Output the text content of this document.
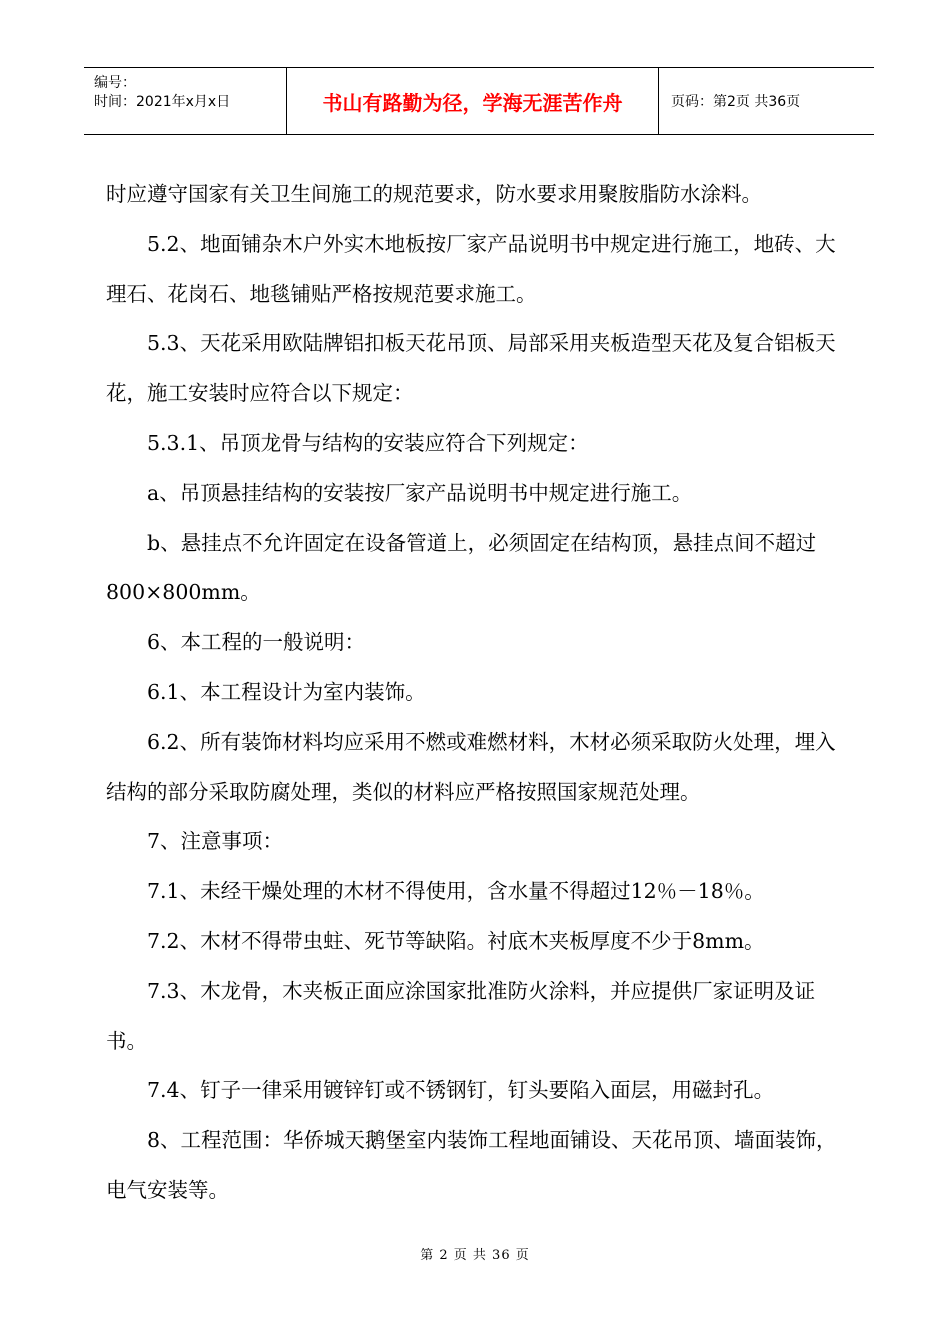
编号：
时间：2021年x月x日	书山有路勤为径，学海无涯苦作舟	页码：第2页 共36页

时应遵守国家有关卫生间施工的规范要求，防水要求用聚胺脂防水涂料。

5.2、地面铺杂木户外实木地板按厂家产品说明书中规定进行施工，地砖、大理石、花岗石、地毯铺贴严格按规范要求施工。

5.3、天花采用欧陆牌铝扣板天花吊顶、局部采用夹板造型天花及复合铝板天花，施工安装时应符合以下规定：

5.3.1、吊顶龙骨与结构的安装应符合下列规定：

a、吊顶悬挂结构的安装按厂家产品说明书中规定进行施工。

b、悬挂点不允许固定在设备管道上，必须固定在结构顶，悬挂点间不超过800×800mm。

6、本工程的一般说明：

6.1、本工程设计为室内装饰。

6.2、所有装饰材料均应采用不燃或难燃材料，木材必须采取防火处理，埋入结构的部分采取防腐处理，类似的材料应严格按照国家规范处理。

7、注意事项：

7.1、未经干燥处理的木材不得使用，含水量不得超过12％－18％。

7.2、木材不得带虫蛀、死节等缺陷。衬底木夹板厚度不少于8mm。

7.3、木龙骨，木夹板正面应涂国家批准防火涂料，并应提供厂家证明及证书。

7.4、钉子一律采用镀锌钉或不锈钢钉，钉头要陷入面层，用磁封孔。

8、工程范围：华侨城天鹅堡室内装饰工程地面铺设、天花吊顶、墙面装饰，电气安装等。

第 2 页 共 36 页
